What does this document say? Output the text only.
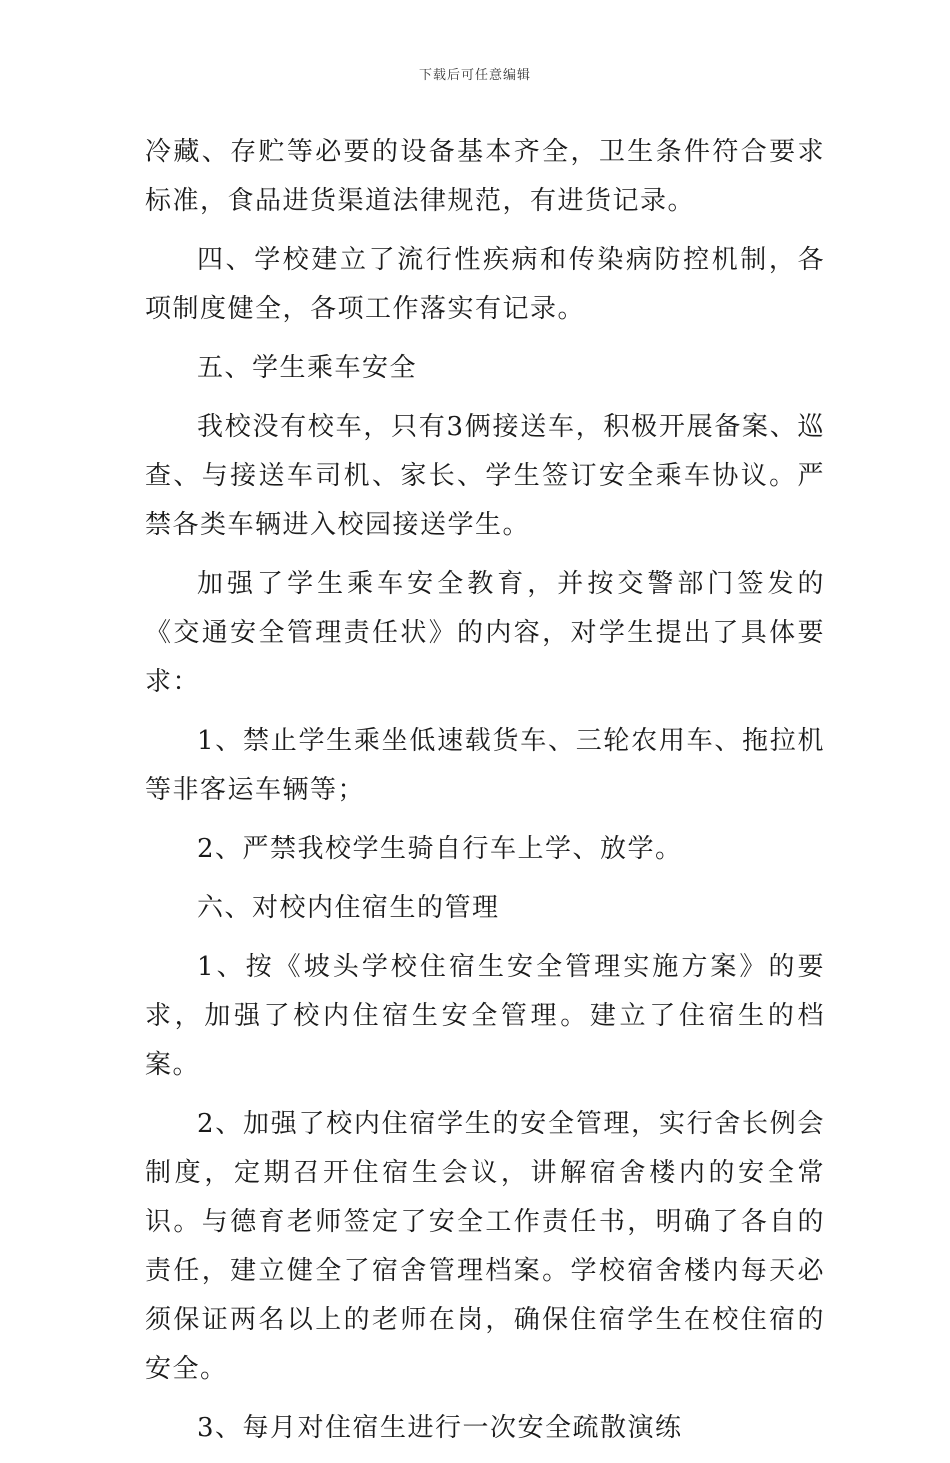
下载后可任意编辑

冷藏、存贮等必要的设备基本齐全，卫生条件符合要求标准，食品进货渠道法律规范，有进货记录。

四、学校建立了流行性疾病和传染病防控机制，各项制度健全，各项工作落实有记录。

五、学生乘车安全

我校没有校车，只有3俩接送车，积极开展备案、巡查、与接送车司机、家长、学生签订安全乘车协议。严禁各类车辆进入校园接送学生。

加强了学生乘车安全教育，并按交警部门签发的《交通安全管理责任状》的内容，对学生提出了具体要求：

1、禁止学生乘坐低速载货车、三轮农用车、拖拉机等非客运车辆等；

2、严禁我校学生骑自行车上学、放学。

六、对校内住宿生的管理

1、按《坡头学校住宿生安全管理实施方案》的要求，加强了校内住宿生安全管理。建立了住宿生的档案。

2、加强了校内住宿学生的安全管理，实行舍长例会制度，定期召开住宿生会议，讲解宿舍楼内的安全常识。与德育老师签定了安全工作责任书，明确了各自的责任，建立健全了宿舍管理档案。学校宿舍楼内每天必须保证两名以上的老师在岗，确保住宿学生在校住宿的安全。

3、每月对住宿生进行一次安全疏散演练
